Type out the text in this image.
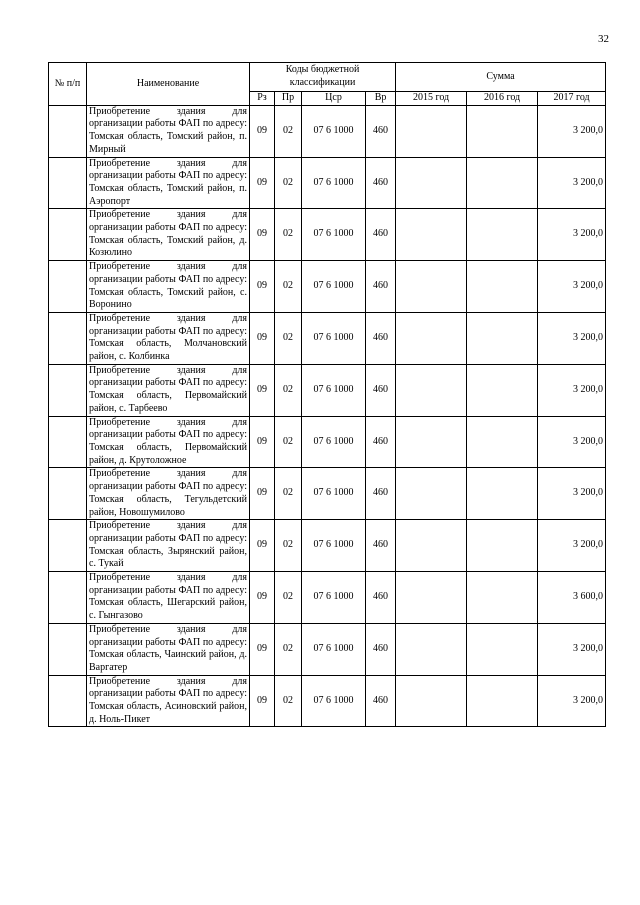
32
№ п/п	Наименование	Коды бюджетной классификации				Сумма		
		Рз	Пр	Цср	Вр	2015 год	2016 год	2017 год
	Приобретение здания для организации работы ФАП по адресу: Томская область, Томский район, п. Мирный	09	02	07 6 1000	460			3 200,0
	Приобретение здания для организации работы ФАП по адресу: Томская область, Томский район, п. Аэропорт	09	02	07 6 1000	460			3 200,0
	Приобретение здания для организации работы ФАП по адресу: Томская область, Томский район, д. Козюлино	09	02	07 6 1000	460			3 200,0
	Приобретение здания для организации работы ФАП по адресу: Томская область, Томский район, с. Воронино	09	02	07 6 1000	460			3 200,0
	Приобретение здания для организации работы ФАП по адресу: Томская область, Молчановский район, с. Колбинка	09	02	07 6 1000	460			3 200,0
	Приобретение здания для организации работы ФАП по адресу: Томская область, Первомайский район, с. Тарбеево	09	02	07 6 1000	460			3 200,0
	Приобретение здания для организации работы ФАП по адресу: Томская область, Первомайский район, д. Крутоложное	09	02	07 6 1000	460			3 200,0
	Приобретение здания для организации работы ФАП по адресу: Томская область, Тегульдетский район, Новошумилово	09	02	07 6 1000	460			3 200,0
	Приобретение здания для организации работы ФАП по адресу: Томская область, Зырянский район, с. Тукай	09	02	07 6 1000	460			3 200,0
	Приобретение здания для организации работы ФАП по адресу: Томская область, Шегарский район, с. Гынгазово	09	02	07 6 1000	460			3 600,0
	Приобретение здания для организации работы ФАП по адресу: Томская область, Чаинский район, д. Варгатер	09	02	07 6 1000	460			3 200,0
	Приобретение здания для организации работы ФАП по адресу: Томская область, Асиновский район, д. Ноль-Пикет	09	02	07 6 1000	460			3 200,0
